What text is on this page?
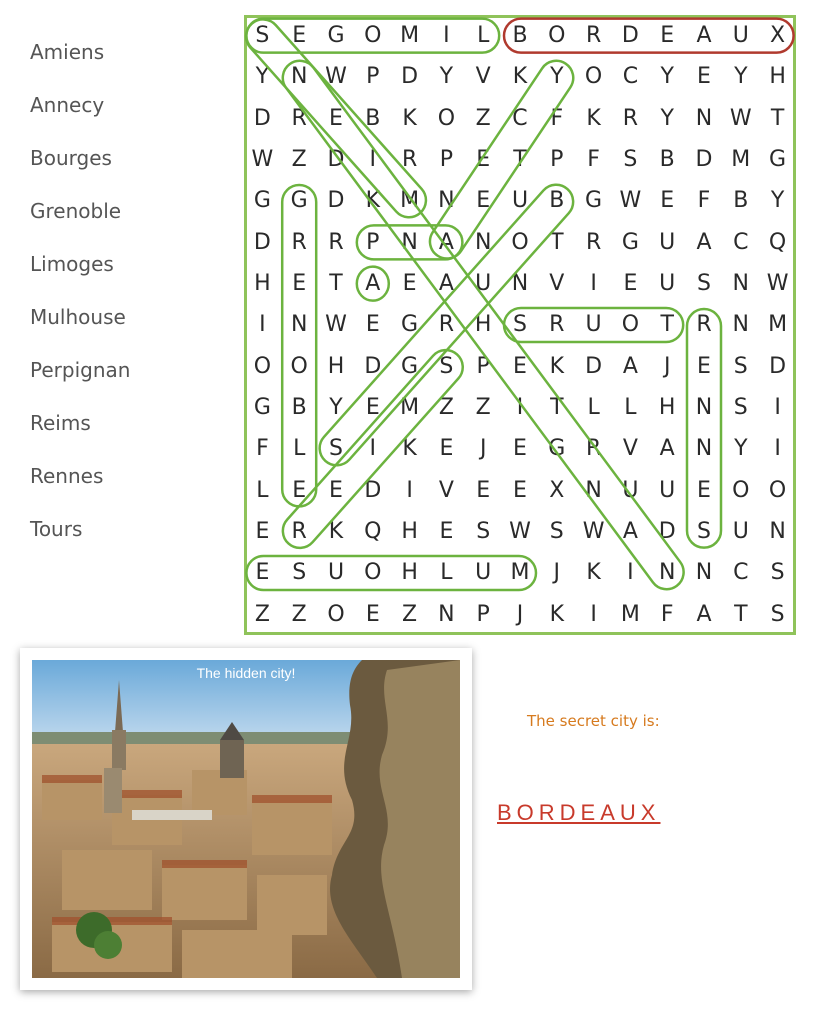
Amiens
Annecy
Bourges
Grenoble
Limoges
Mulhouse
Perpignan
Reims
Rennes
Tours
S	E G O M	I	L	B O R D E	A U X
Y N W P D Y	V	K	Y O C	Y	E	Y H
D R	E	B	K O Z C	F	K R	Y N W T
W Z D	I	R	P	E	T	P	F	S	B D M G
G G D K M N E U B G W E	F	B	Y
D R R	P N A N O T	R G U A C Q
H E	T	A	E	A U N V	I	E U S N W
I	N W E G R H S	R U O T	R N M
O O H D G S	P	E	K D A	J	E	S D
G B	Y	E M Z Z	I	T	L	L	H N S	I
F	L	S	I	K	E	J	E G R V A N Y	I
L	E	E D	I	V	E	E	X N U U E O O
E	R K Q H E	S W S W A D S U N
E	S U O H	L	U M	J	K	I	N N C	S
Z Z O E	Z N P	J	K	I	M F	A	T	S
The hidden city!
The secret city is:
BORDEAUX
